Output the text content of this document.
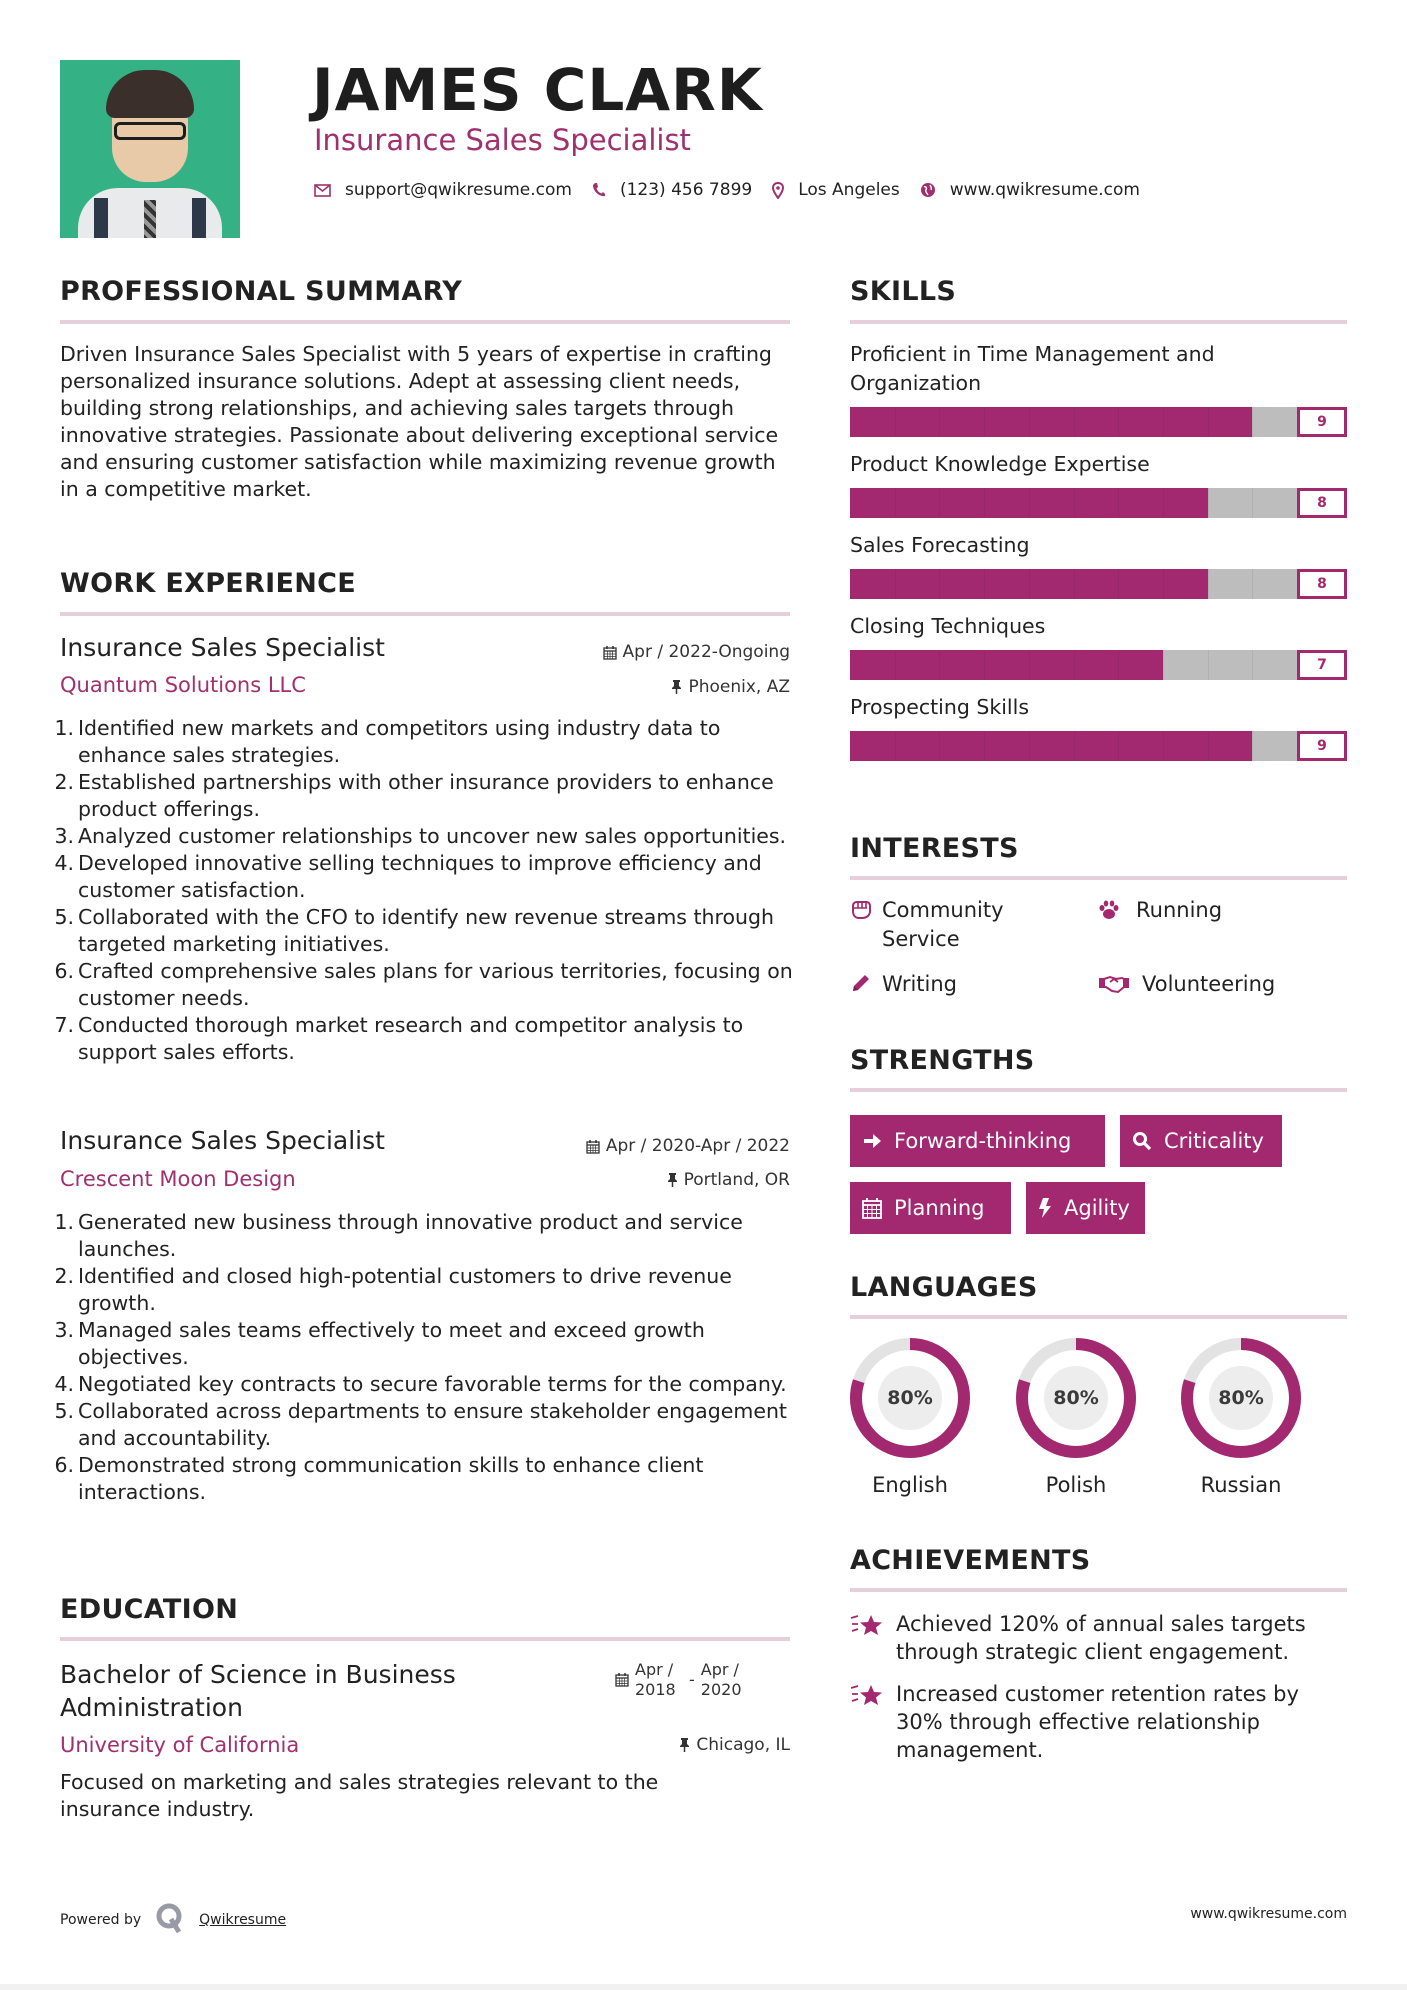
JAMES CLARK
Insurance Sales Specialist
support@qwikresume.com	(123) 456 7899	Los Angeles	www.qwikresume.com
PROFESSIONAL SUMMARY
Driven Insurance Sales Specialist with 5 years of expertise in crafting personalized insurance solutions. Adept at assessing client needs, building strong relationships, and achieving sales targets through innovative strategies. Passionate about delivering exceptional service and ensuring customer satisfaction while maximizing revenue growth in a competitive market.
WORK EXPERIENCE
Insurance Sales Specialist	Apr / 2022-Ongoing
Quantum Solutions LLC	Phoenix, AZ
1. Identified new markets and competitors using industry data to enhance sales strategies.
2. Established partnerships with other insurance providers to enhance product offerings.
3. Analyzed customer relationships to uncover new sales opportunities.
4. Developed innovative selling techniques to improve efficiency and customer satisfaction.
5. Collaborated with the CFO to identify new revenue streams through targeted marketing initiatives.
6. Crafted comprehensive sales plans for various territories, focusing on customer needs.
7. Conducted thorough market research and competitor analysis to support sales efforts.
Insurance Sales Specialist	Apr / 2020-Apr / 2022
Crescent Moon Design	Portland, OR
1. Generated new business through innovative product and service launches.
2. Identified and closed high-potential customers to drive revenue growth.
3. Managed sales teams effectively to meet and exceed growth objectives.
4. Negotiated key contracts to secure favorable terms for the company.
5. Collaborated across departments to ensure stakeholder engagement and accountability.
6. Demonstrated strong communication skills to enhance client interactions.
EDUCATION
Bachelor of Science in Business Administration
Apr / 2018
-
Apr / 2020
University of California	Chicago, IL
Focused on marketing and sales strategies relevant to the insurance industry.
SKILLS
Proficient in Time Management and Organization
9
Product Knowledge Expertise
8
Sales Forecasting
8
Closing Techniques
7
Prospecting Skills
9
INTERESTS
Community Service
Running
Writing	Volunteering
STRENGTHS
Forward-thinking	Criticality
Planning	Agility
LANGUAGES
80%
English
80%
Polish
80%
Russian
ACHIEVEMENTS
Achieved 120% of annual sales targets through strategic client engagement.
Increased customer retention rates by 30% through effective relationship management.
Powered by	Qwikresume	www.qwikresume.com
